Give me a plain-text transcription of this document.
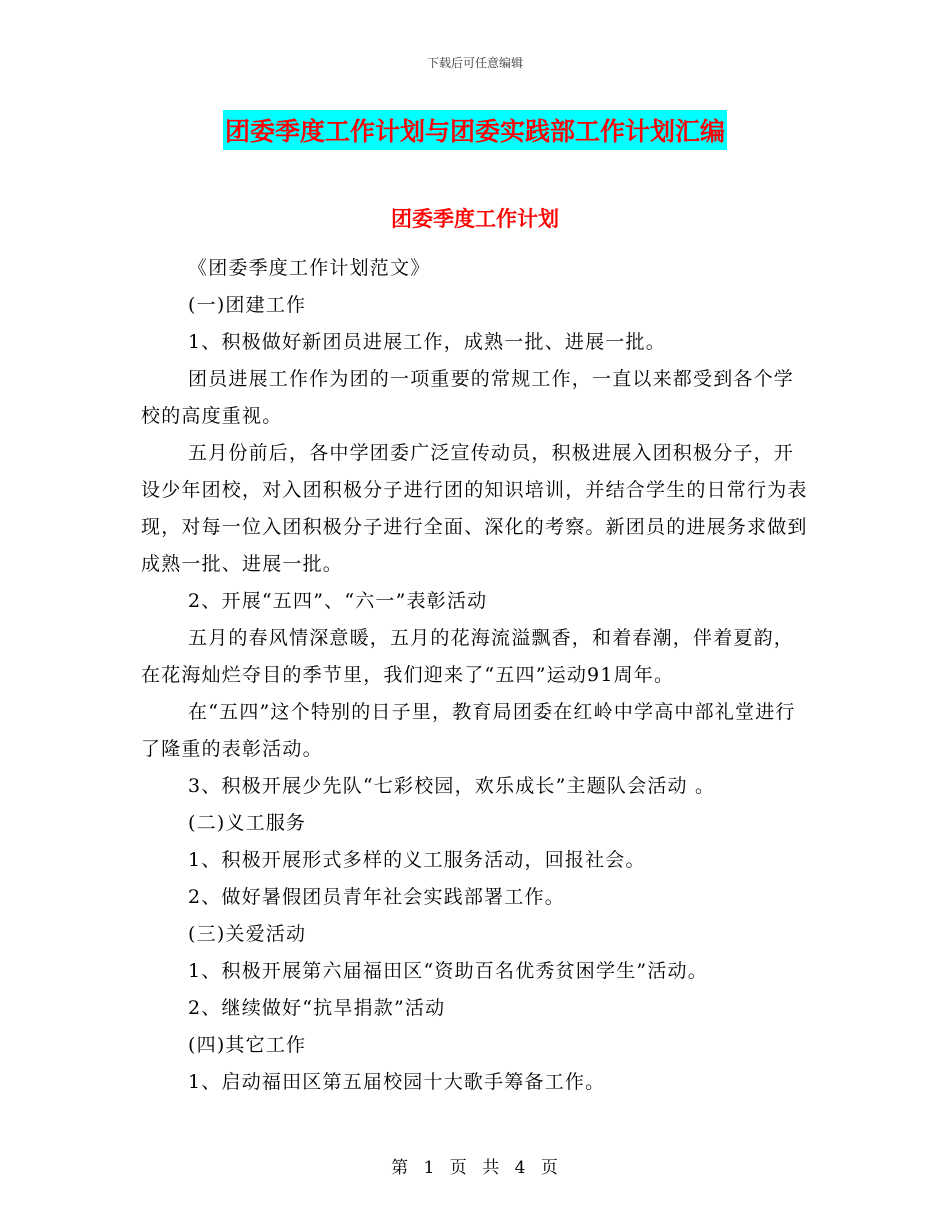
下载后可任意编辑
团委季度工作计划与团委实践部工作计划汇编
团委季度工作计划

《团委季度工作计划范文》

(一)团建工作

1、积极做好新团员进展工作，成熟一批、进展一批。

团员进展工作作为团的一项重要的常规工作，一直以来都受到各个学校的高度重视。

五月份前后，各中学团委广泛宣传动员，积极进展入团积极分子，开设少年团校，对入团积极分子进行团的知识培训，并结合学生的日常行为表现，对每一位入团积极分子进行全面、深化的考察。新团员的进展务求做到成熟一批、进展一批。

2、开展“五四”、“六一”表彰活动

五月的春风情深意暖，五月的花海流溢飘香，和着春潮，伴着夏韵，在花海灿烂夺目的季节里，我们迎来了“五四”运动91周年。

在“五四”这个特别的日子里，教育局团委在红岭中学高中部礼堂进行了隆重的表彰活动。

3、积极开展少先队“七彩校园，欢乐成长”主题队会活动 。

(二)义工服务

1、积极开展形式多样的义工服务活动，回报社会。

2、做好暑假团员青年社会实践部署工作。

(三)关爱活动

1、积极开展第六届福田区“资助百名优秀贫困学生”活动。

2、继续做好“抗旱捐款”活动

(四)其它工作

1、启动福田区第五届校园十大歌手筹备工作。

第 1 页 共 4 页
